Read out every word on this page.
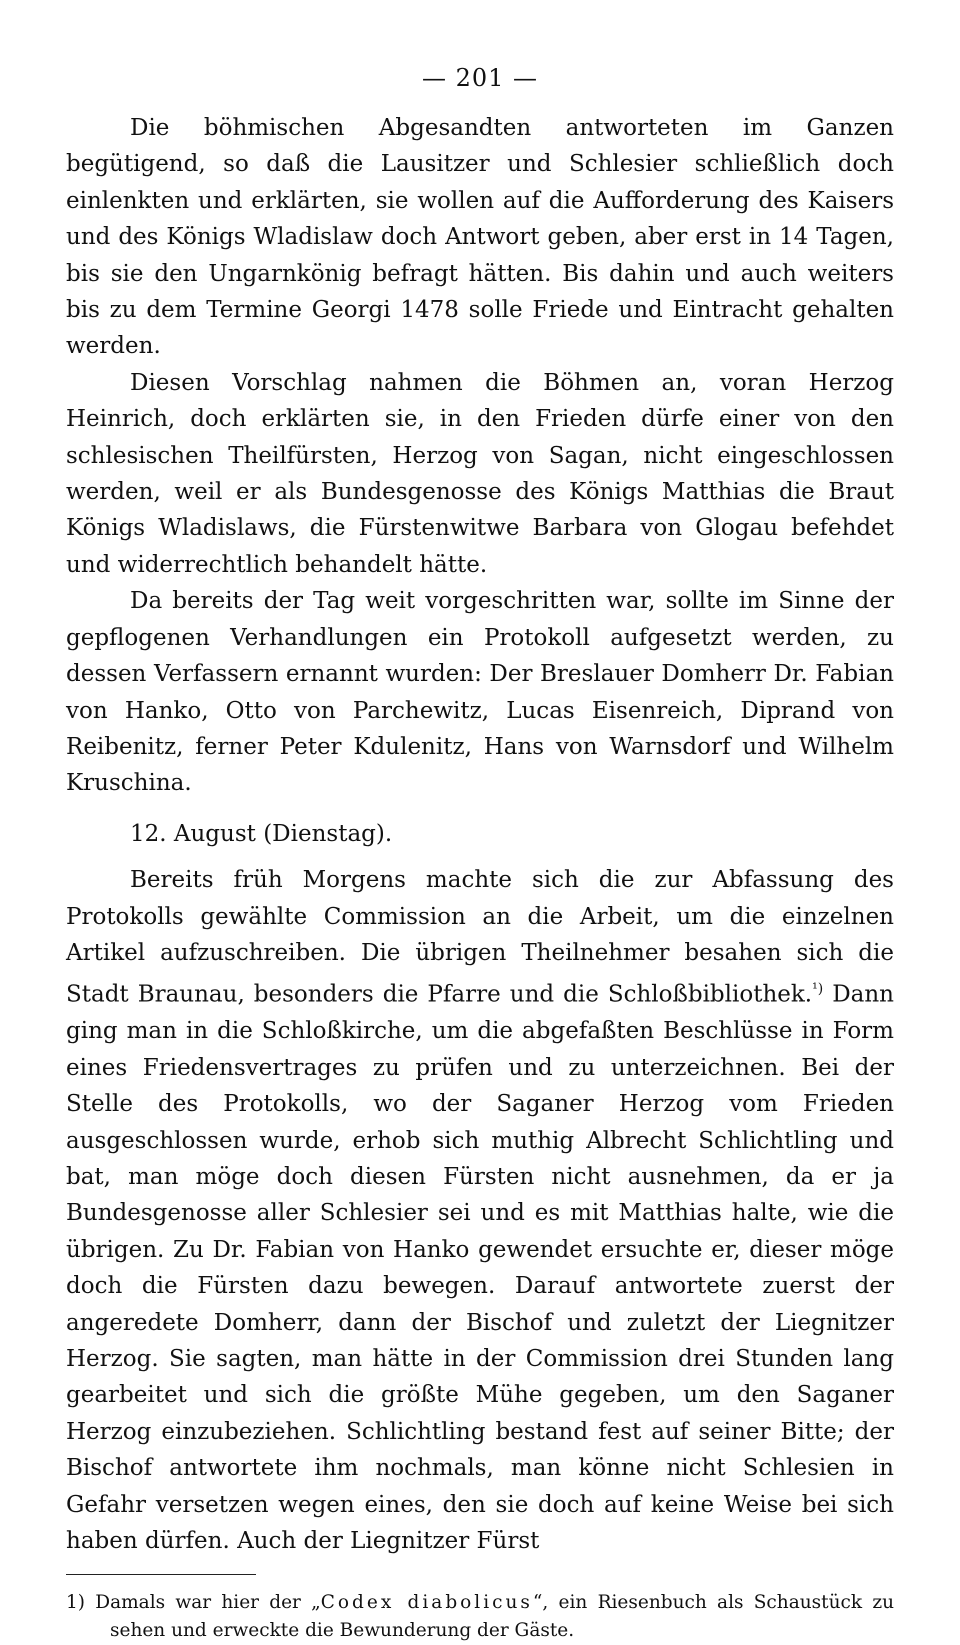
— 201 —

Die böhmischen Abgesandten antworteten im Ganzen begütigend, so daß die Lausitzer und Schlesier schließlich doch einlenkten und erklärten, sie wollen auf die Aufforderung des Kaisers und des Königs Wladislaw doch Antwort geben, aber erst in 14 Tagen, bis sie den Ungarnkönig befragt hätten. Bis dahin und auch weiters bis zu dem Termine Georgi 1478 solle Friede und Eintracht gehalten werden.

Diesen Vorschlag nahmen die Böhmen an, voran Herzog Heinrich, doch erklärten sie, in den Frieden dürfe einer von den schlesischen Theilfürsten, Herzog von Sagan, nicht eingeschlossen werden, weil er als Bundesgenosse des Königs Matthias die Braut Königs Wladislaws, die Fürstenwitwe Barbara von Glogau befehdet und widerrechtlich behandelt hätte.

Da bereits der Tag weit vorgeschritten war, sollte im Sinne der gepflogenen Verhandlungen ein Protokoll aufgesetzt werden, zu dessen Verfassern ernannt wurden: Der Breslauer Domherr Dr. Fabian von Hanko, Otto von Parchewitz, Lucas Eisenreich, Diprand von Reibenitz, ferner Peter Kdulenitz, Hans von Warnsdorf und Wilhelm Kruschina.

12. August (Dienstag).

Bereits früh Morgens machte sich die zur Abfassung des Protokolls gewählte Commission an die Arbeit, um die einzelnen Artikel aufzuschreiben. Die übrigen Theilnehmer besahen sich die Stadt Braunau, besonders die Pfarre und die Schloßbibliothek.$^{^1)}$ Dann ging man in die Schloßkirche, um die abgefaßten Beschlüsse in Form eines Friedensvertrages zu prüfen und zu unterzeichnen. Bei der Stelle des Protokolls, wo der Saganer Herzog vom Frieden ausgeschlossen wurde, erhob sich muthig Albrecht Schlichtling und bat, man möge doch diesen Fürsten nicht ausnehmen, da er ja Bundesgenosse aller Schlesier sei und es mit Matthias halte, wie die übrigen. Zu Dr. Fabian von Hanko gewendet ersuchte er, dieser möge doch die Fürsten dazu bewegen. Darauf antwortete zuerst der angeredete Domherr, dann der Bischof und zuletzt der Liegnitzer Herzog. Sie sagten, man hätte in der Commission drei Stunden lang gearbeitet und sich die größte Mühe gegeben, um den Saganer Herzog einzubeziehen. Schlichtling bestand fest auf seiner Bitte; der Bischof antwortete ihm nochmals, man könne nicht Schlesien in Gefahr versetzen wegen eines, den sie doch auf keine Weise bei sich haben dürfen. Auch der Liegnitzer Fürst

1) Damals war hier der „Codex diabolicus“, ein Riesenbuch als Schaustück zu sehen und erweckte die Bewunderung der Gäste.
